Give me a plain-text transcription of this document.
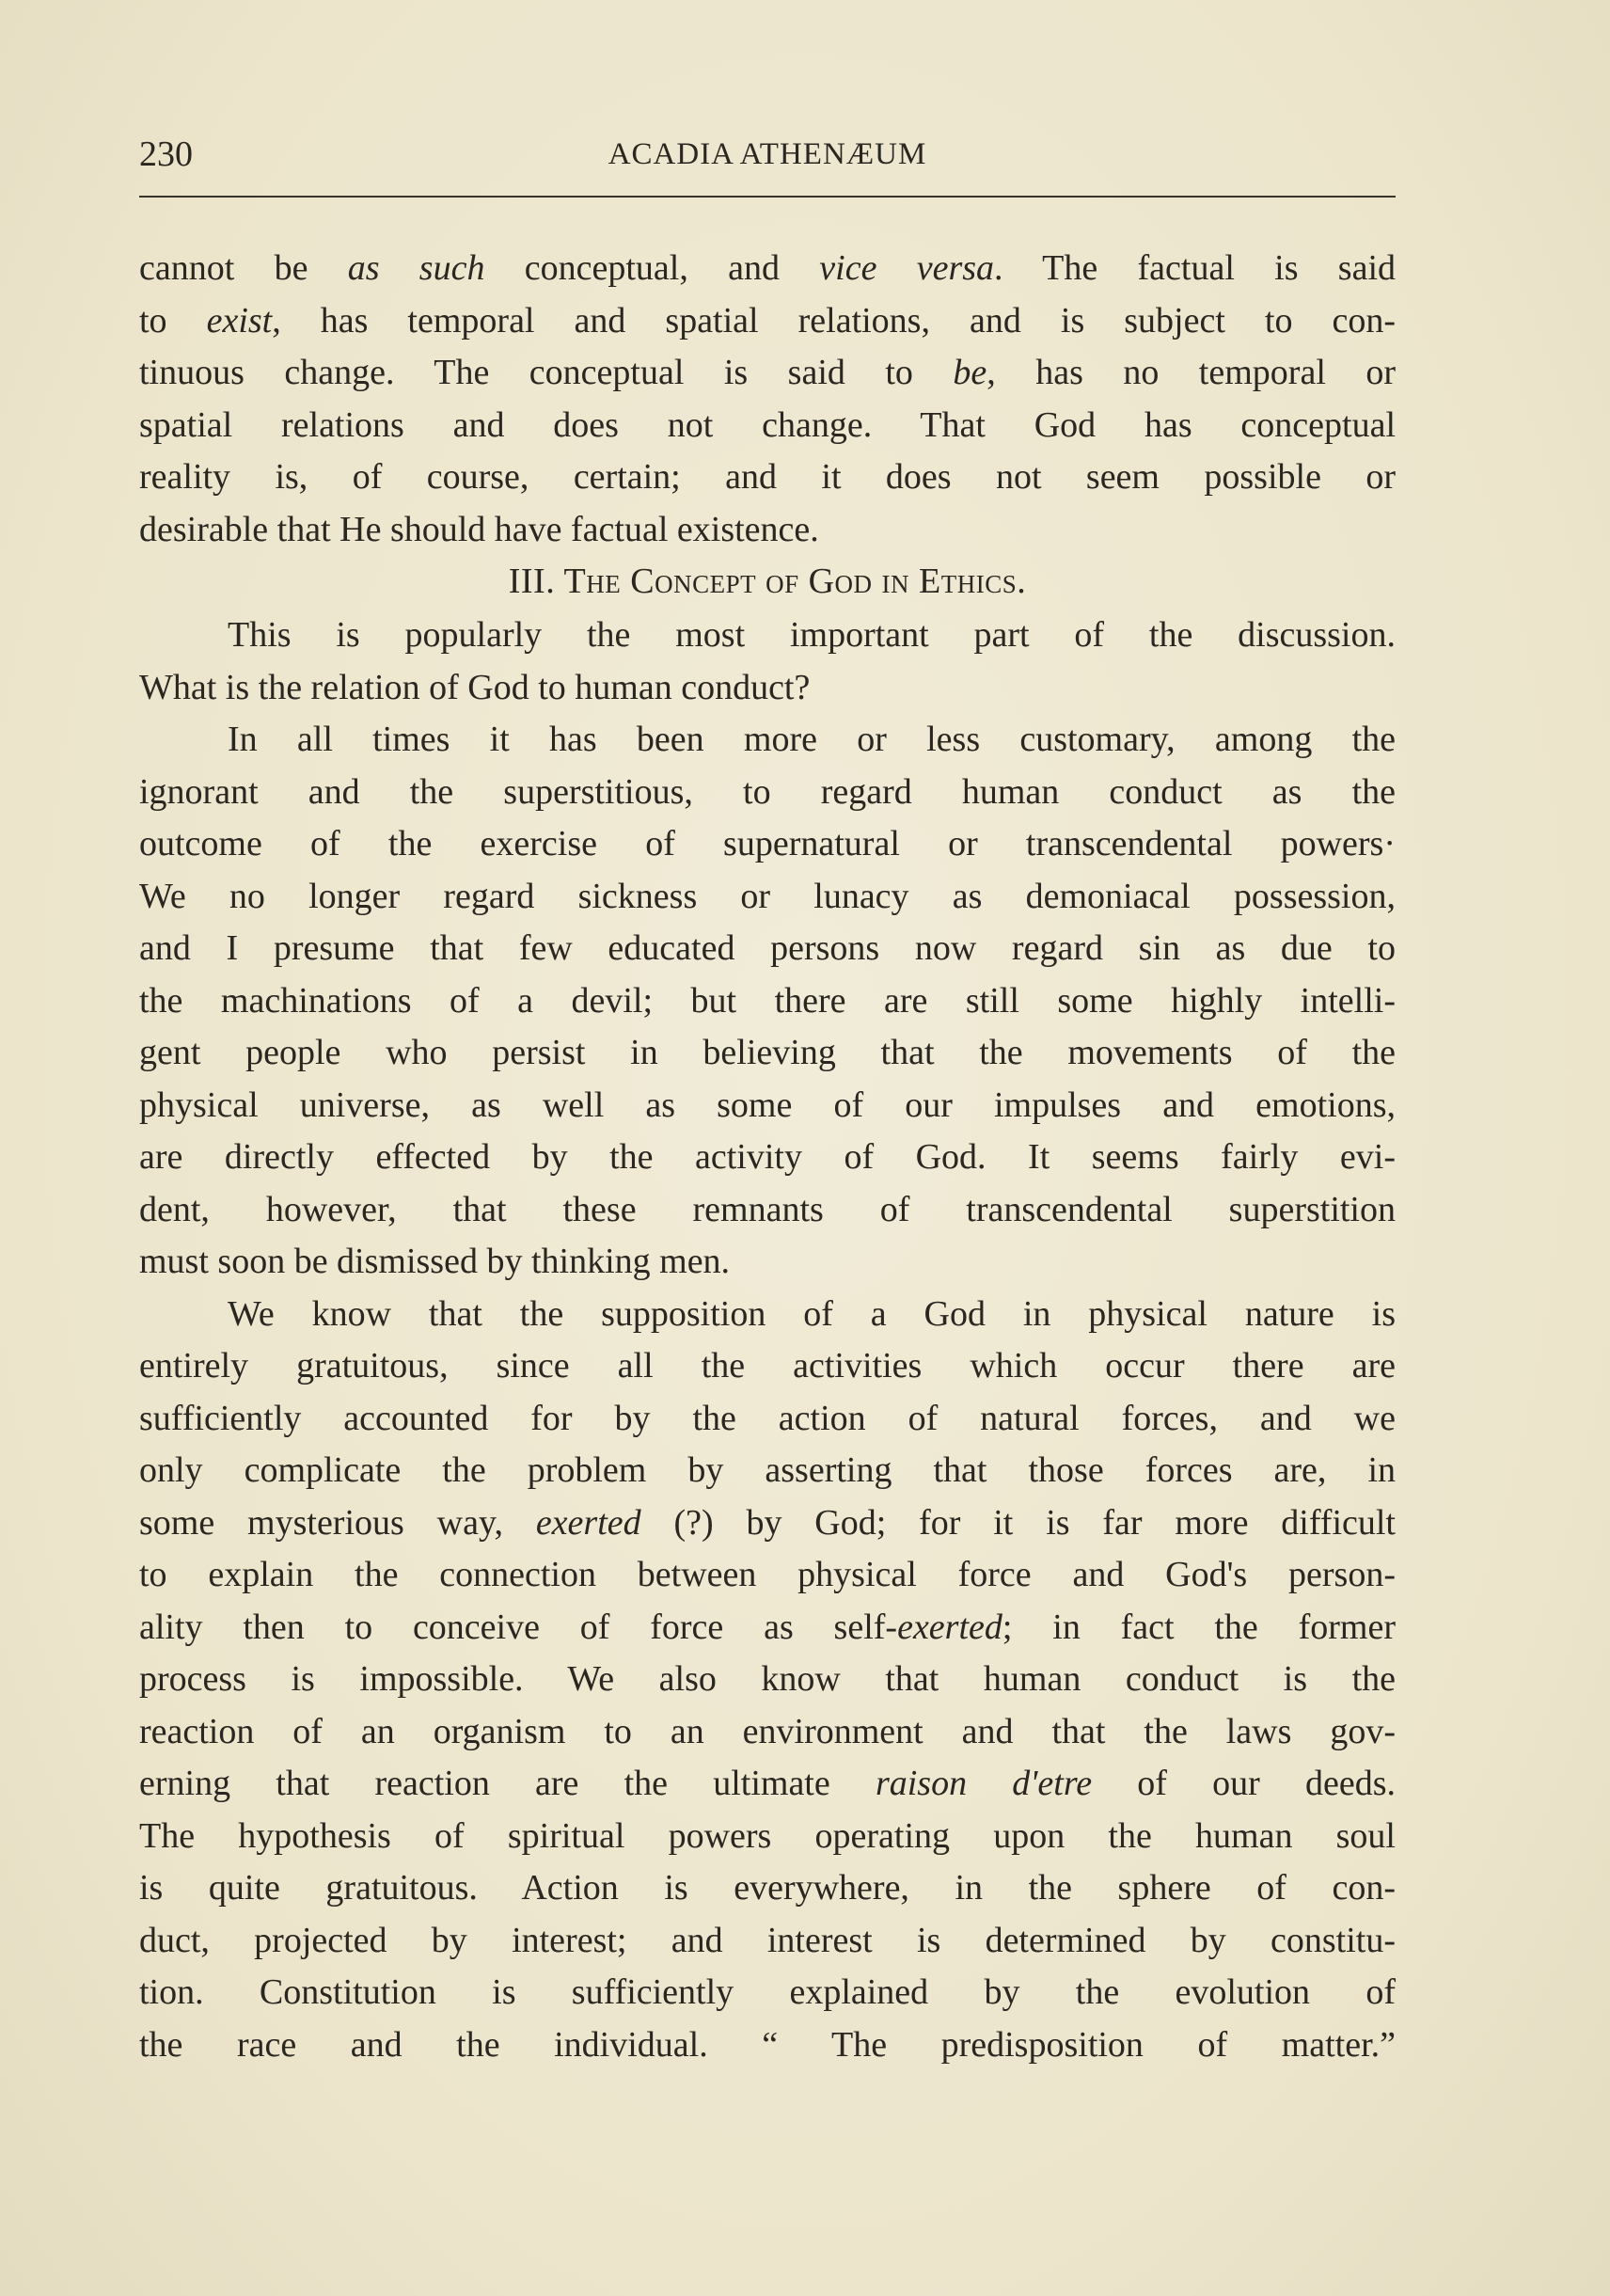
230	ACADIA ATHENÆUM
cannot be as such conceptual, and vice versa. The factual is said
to exist, has temporal and spatial relations, and is subject to con-
tinuous change. The conceptual is said to be, has no temporal or
spatial relations and does not change. That God has conceptual
reality is, of course, certain; and it does not seem possible or
desirable that He should have factual existence.
III. The Concept of God in Ethics.
This is popularly the most important part of the discussion.
What is the relation of God to human conduct?
In all times it has been more or less customary, among the
ignorant and the superstitious, to regard human conduct as the
outcome of the exercise of supernatural or transcendental powers·
We no longer regard sickness or lunacy as demoniacal possession,
and I presume that few educated persons now regard sin as due to
the machinations of a devil; but there are still some highly intelli-
gent people who persist in believing that the movements of the
physical universe, as well as some of our impulses and emotions,
are directly effected by the activity of God. It seems fairly evi-
dent, however, that these remnants of transcendental superstition
must soon be dismissed by thinking men.
We know that the supposition of a God in physical nature is
entirely gratuitous, since all the activities which occur there are
sufficiently accounted for by the action of natural forces, and we
only complicate the problem by asserting that those forces are, in
some mysterious way, exerted (?) by God; for it is far more difficult
to explain the connection between physical force and God's person-
ality then to conceive of force as self-exerted; in fact the former
process is impossible. We also know that human conduct is the
reaction of an organism to an environment and that the laws gov-
erning that reaction are the ultimate raison d'etre of our deeds.
The hypothesis of spiritual powers operating upon the human soul
is quite gratuitous. Action is everywhere, in the sphere of con-
duct, projected by interest; and interest is determined by constitu-
tion. Constitution is sufficiently explained by the evolution of
the race and the individual. “ The predisposition of matter.”
